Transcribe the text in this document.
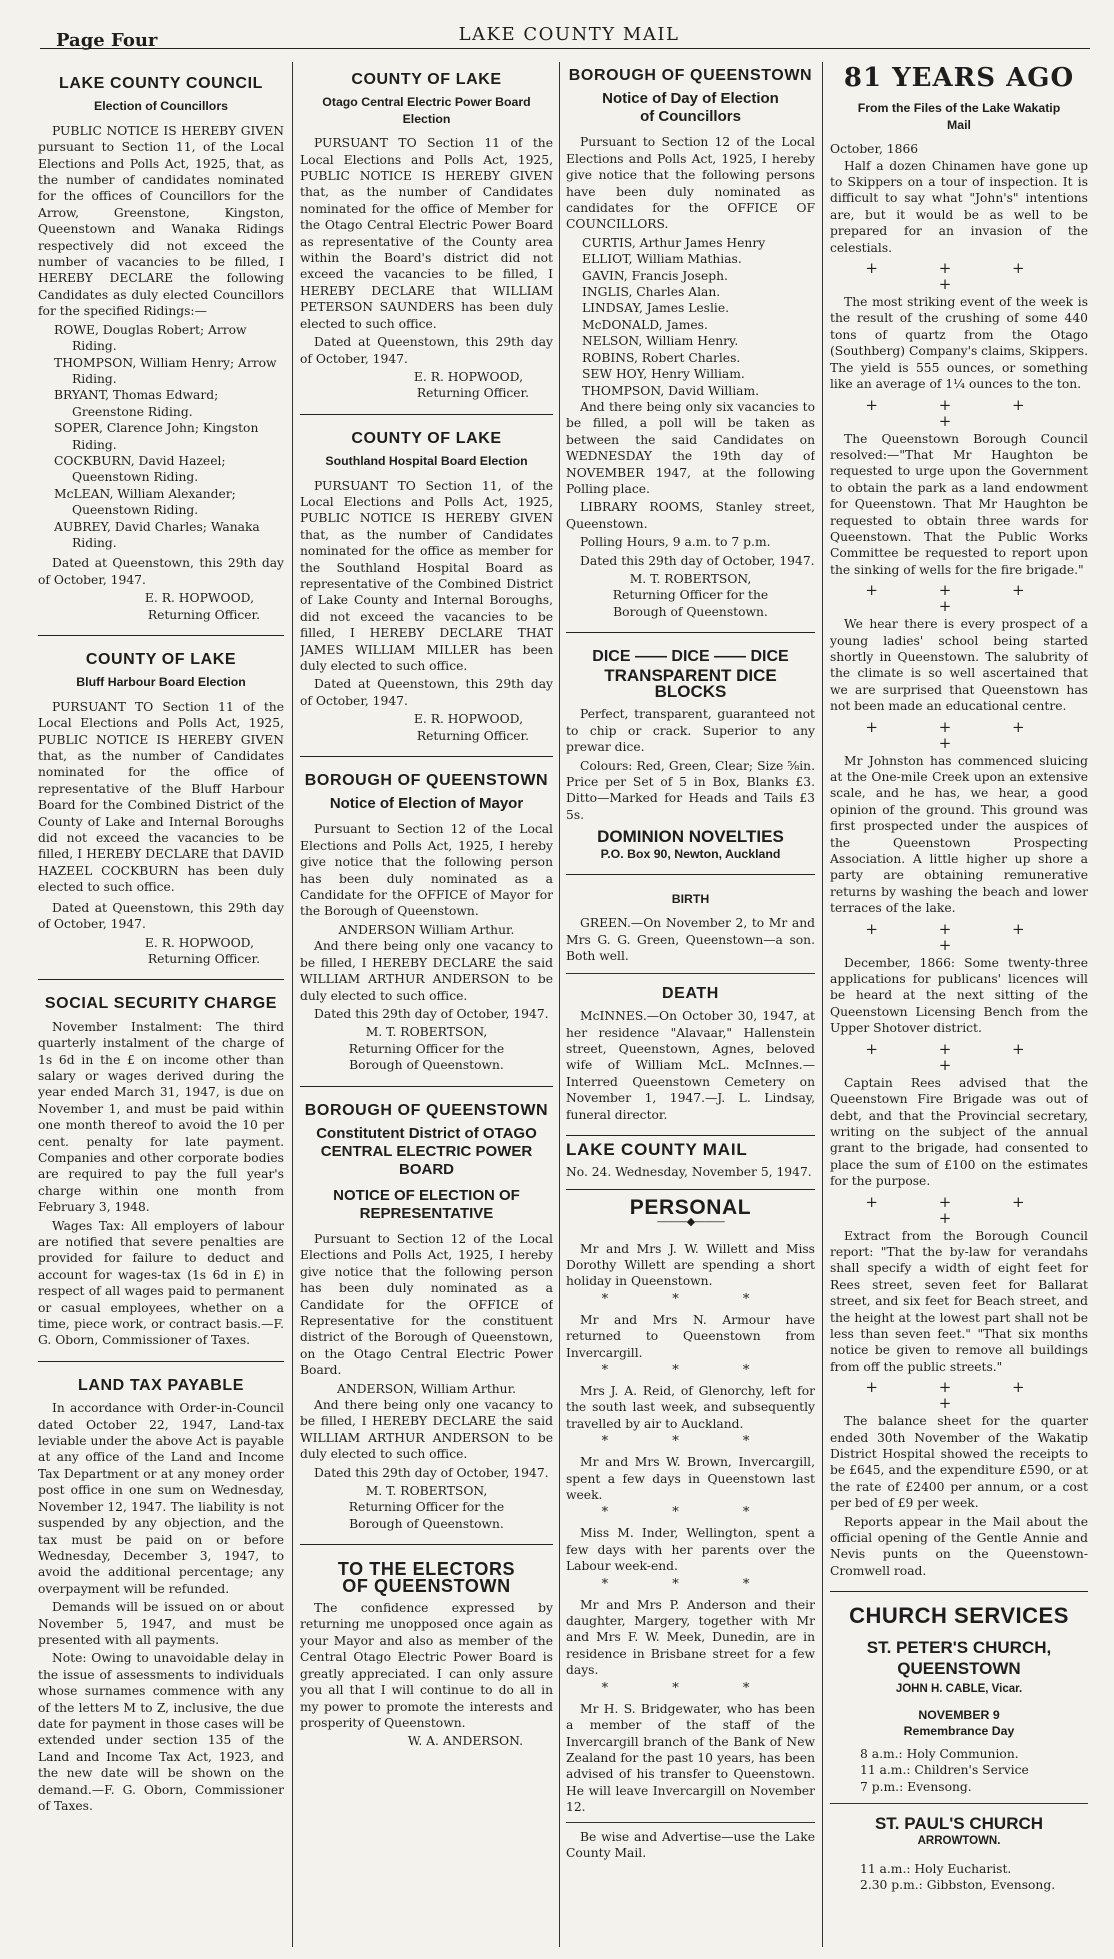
Page Four	LAKE COUNTY MAIL
LAKE COUNTY COUNCIL
Election of Councillors

PUBLIC NOTICE IS HEREBY GIVEN pursuant to Section 11, of the Local Elections and Polls Act, 1925, that, as the number of candidates nominated for the offices of Councillors for the Arrow, Greenstone, Kingston, Queenstown and Wanaka Ridings respectively did not exceed the number of vacancies to be filled, I HEREBY DECLARE the following Candidates as duly elected Councillors for the specified Ridings:—

ROWE, Douglas Robert; Arrow Riding.
THOMPSON, William Henry; Arrow Riding.
BRYANT, Thomas Edward; Greenstone Riding.
SOPER, Clarence John; Kingston Riding.
COCKBURN, David Hazeel; Queenstown Riding.
McLEAN, William Alexander; Queenstown Riding.
AUBREY, David Charles; Wanaka Riding.

Dated at Queenstown, this 29th day of October, 1947.

E. R. HOPWOOD,
Returning Officer.
COUNTY OF LAKE
Bluff Harbour Board Election

PURSUANT TO Section 11 of the Local Elections and Polls Act, 1925, PUBLIC NOTICE IS HEREBY GIVEN that, as the number of Candidates nominated for the office of representative of the Bluff Harbour Board for the Combined District of the County of Lake and Internal Boroughs did not exceed the vacancies to be filled, I HEREBY DECLARE that DAVID HAZEEL COCKBURN has been duly elected to such office.

Dated at Queenstown, this 29th day of October, 1947.

E. R. HOPWOOD,
Returning Officer.
SOCIAL SECURITY CHARGE

November Instalment: The third quarterly instalment of the charge of 1s 6d in the £ on income other than salary or wages derived during the year ended March 31, 1947, is due on November 1, and must be paid within one month thereof to avoid the 10 per cent. penalty for late payment. Companies and other corporate bodies are required to pay the full year's charge within one month from February 3, 1948.

Wages Tax: All employers of labour are notified that severe penalties are provided for failure to deduct and account for wages-tax (1s 6d in £) in respect of all wages paid to permanent or casual employees, whether on a time, piece work, or contract basis.—F. G. Oborn, Commissioner of Taxes.

LAND TAX PAYABLE

In accordance with Order-in-Council dated October 22, 1947, Land-tax leviable under the above Act is payable at any office of the Land and Income Tax Department or at any money order post office in one sum on Wednesday, November 12, 1947. The liability is not suspended by any objection, and the tax must be paid on or before Wednesday, December 3, 1947, to avoid the additional percentage; any overpayment will be refunded.

Demands will be issued on or about November 5, 1947, and must be presented with all payments.

Note: Owing to unavoidable delay in the issue of assessments to individuals whose surnames commence with any of the letters M to Z, inclusive, the due date for payment in those cases will be extended under section 135 of the Land and Income Tax Act, 1923, and the new date will be shown on the demand.—F. G. Oborn, Commissioner of Taxes.

COUNTY OF LAKE
Otago Central Electric Power Board Election

PURSUANT TO Section 11 of the Local Elections and Polls Act, 1925, PUBLIC NOTICE IS HEREBY GIVEN that, as the number of Candidates nominated for the office of Member for the Otago Central Electric Power Board as representative of the County area within the Board's district did not exceed the vacancies to be filled, I HEREBY DECLARE that WILLIAM PETERSON SAUNDERS has been duly elected to such office.

Dated at Queenstown, this 29th day of October, 1947.

E. R. HOPWOOD,
Returning Officer.
COUNTY OF LAKE
Southland Hospital Board Election

PURSUANT TO Section 11, of the Local Elections and Polls Act, 1925, PUBLIC NOTICE IS HEREBY GIVEN that, as the number of Candidates nominated for the office as member for the Southland Hospital Board as representative of the Combined District of Lake County and Internal Boroughs, did not exceed the vacancies to be filled, I HEREBY DECLARE THAT JAMES WILLIAM MILLER has been duly elected to such office.

Dated at Queenstown, this 29th day of October, 1947.

E. R. HOPWOOD,
Returning Officer.
BOROUGH OF QUEENSTOWN
Notice of Election of Mayor

Pursuant to Section 12 of the Local Elections and Polls Act, 1925, I hereby give notice that the following person has been duly nominated as a Candidate for the OFFICE of Mayor for the Borough of Queenstown.

ANDERSON William Arthur.

And there being only one vacancy to be filled, I HEREBY DECLARE the said WILLIAM ARTHUR ANDERSON to be duly elected to such office.

Dated this 29th day of October, 1947.

M. T. ROBERTSON,
Returning Officer for the
Borough of Queenstown.
BOROUGH OF QUEENSTOWN
Constitutent District of OTAGO CENTRAL ELECTRIC POWER BOARD
NOTICE OF ELECTION OF REPRESENTATIVE

Pursuant to Section 12 of the Local Elections and Polls Act, 1925, I hereby give notice that the following person has been duly nominated as a Candidate for the OFFICE of Representative for the constituent district of the Borough of Queenstown, on the Otago Central Electric Power Board.

ANDERSON, William Arthur.

And there being only one vacancy to be filled, I HEREBY DECLARE the said WILLIAM ARTHUR ANDERSON to be duly elected to such office.

Dated this 29th day of October, 1947.

M. T. ROBERTSON,
Returning Officer for the
Borough of Queenstown.
TO THE ELECTORS OF QUEENSTOWN

The confidence expressed by returning me unopposed once again as your Mayor and also as member of the Central Otago Electric Power Board is greatly appreciated. I can only assure you all that I will continue to do all in my power to promote the interests and prosperity of Queenstown.

W. A. ANDERSON.
BOROUGH OF QUEENSTOWN
Notice of Day of Election of Councillors

Pursuant to Section 12 of the Local Elections and Polls Act, 1925, I hereby give notice that the following persons have been duly nominated as candidates for the OFFICE OF COUNCILLORS.

CURTIS, Arthur James Henry
ELLIOT, William Mathias.
GAVIN, Francis Joseph.
INGLIS, Charles Alan.
LINDSAY, James Leslie.
McDONALD, James.
NELSON, William Henry.
ROBINS, Robert Charles.
SEW HOY, Henry William.
THOMPSON, David William.

And there being only six vacancies to be filled, a poll will be taken as between the said Candidates on WEDNESDAY the 19th day of NOVEMBER 1947, at the following Polling place.

LIBRARY ROOMS, Stanley street, Queenstown.

Polling Hours, 9 a.m. to 7 p.m.

Dated this 29th day of October, 1947.

M. T. ROBERTSON,
Returning Officer for the
Borough of Queenstown.
DICE —— DICE —— DICE
TRANSPARENT DICE BLOCKS

Perfect, transparent, guaranteed not to chip or crack. Superior to any prewar dice.

Colours: Red, Green, Clear; Size ⅝in. Price per Set of 5 in Box, Blanks £3. Ditto—Marked for Heads and Tails £3 5s.

DOMINION NOVELTIES
P.O. Box 90, Newton, Auckland
BIRTH

GREEN.—On November 2, to Mr and Mrs G. G. Green, Queenstown—a son. Both well.

DEATH

McINNES.—On October 30, 1947, at her residence "Alavaar," Hallenstein street, Queenstown, Agnes, beloved wife of William McL. McInnes.—Interred Queenstown Cemetery on November 1, 1947.—J. L. Lindsay, funeral director.

LAKE COUNTY MAIL
No. 24. Wednesday, November 5, 1947.
PERSONAL
———◆———

Mr and Mrs J. W. Willett and Miss Dorothy Willett are spending a short holiday in Queenstown.

* * *

Mr and Mrs N. Armour have returned to Queenstown from Invercargill.

* * *

Mrs J. A. Reid, of Glenorchy, left for the south last week, and subsequently travelled by air to Auckland.

* * *

Mr and Mrs W. Brown, Invercargill, spent a few days in Queenstown last week.

* * *

Miss M. Inder, Wellington, spent a few days with her parents over the Labour week-end.

* * *

Mr and Mrs P. Anderson and their daughter, Margery, together with Mr and Mrs F. W. Meek, Dunedin, are in residence in Brisbane street for a few days.

* * *

Mr H. S. Bridgewater, who has been a member of the staff of the Invercargill branch of the Bank of New Zealand for the past 10 years, has been advised of his transfer to Queenstown. He will leave Invercargill on November 12.

Be wise and Advertise—use the Lake County Mail.

81 YEARS AGO
From the Files of the Lake Wakatip Mail
October, 1866

Half a dozen Chinamen have gone up to Skippers on a tour of inspection. It is difficult to say what "John's" intentions are, but it would be as well to be prepared for an invasion of the celestials.

+ + + +

The most striking event of the week is the result of the crushing of some 440 tons of quartz from the Otago (Southberg) Company's claims, Skippers. The yield is 555 ounces, or something like an average of 1¼ ounces to the ton.

+ + + +

The Queenstown Borough Council resolved:—"That Mr Haughton be requested to urge upon the Government to obtain the park as a land endowment for Queenstown. That Mr Haughton be requested to obtain three wards for Queenstown. That the Public Works Committee be requested to report upon the sinking of wells for the fire brigade."

+ + + +

We hear there is every prospect of a young ladies' school being started shortly in Queenstown. The salubrity of the climate is so well ascertained that we are surprised that Queenstown has not been made an educational centre.

+ + + +

Mr Johnston has commenced sluicing at the One-mile Creek upon an extensive scale, and he has, we hear, a good opinion of the ground. This ground was first prospected under the auspices of the Queenstown Prospecting Association. A little higher up shore a party are obtaining remunerative returns by washing the beach and lower terraces of the lake.

+ + + +

December, 1866: Some twenty-three applications for publicans' licences will be heard at the next sitting of the Queenstown Licensing Bench from the Upper Shotover district.

+ + + +

Captain Rees advised that the Queenstown Fire Brigade was out of debt, and that the Provincial secretary, writing on the subject of the annual grant to the brigade, had consented to place the sum of £100 on the estimates for the purpose.

+ + + +

Extract from the Borough Council report: "That the by-law for verandahs shall specify a width of eight feet for Rees street, seven feet for Ballarat street, and six feet for Beach street, and the height at the lowest part shall not be less than seven feet." "That six months notice be given to remove all buildings from off the public streets."

+ + + +

The balance sheet for the quarter ended 30th November of the Wakatip District Hospital showed the receipts to be £645, and the expenditure £590, or at the rate of £2400 per annum, or a cost per bed of £9 per week.

Reports appear in the Mail about the official opening of the Gentle Annie and Nevis punts on the Queenstown-Cromwell road.

CHURCH SERVICES
ST. PETER'S CHURCH, QUEENSTOWN
JOHN H. CABLE, Vicar.
NOVEMBER 9
Remembrance Day
8 a.m.: Holy Communion.
11 a.m.: Children's Service
7 p.m.: Evensong.
ST. PAUL'S CHURCH
ARROWTOWN.
11 a.m.: Holy Eucharist.
2.30 p.m.: Gibbston, Evensong.
